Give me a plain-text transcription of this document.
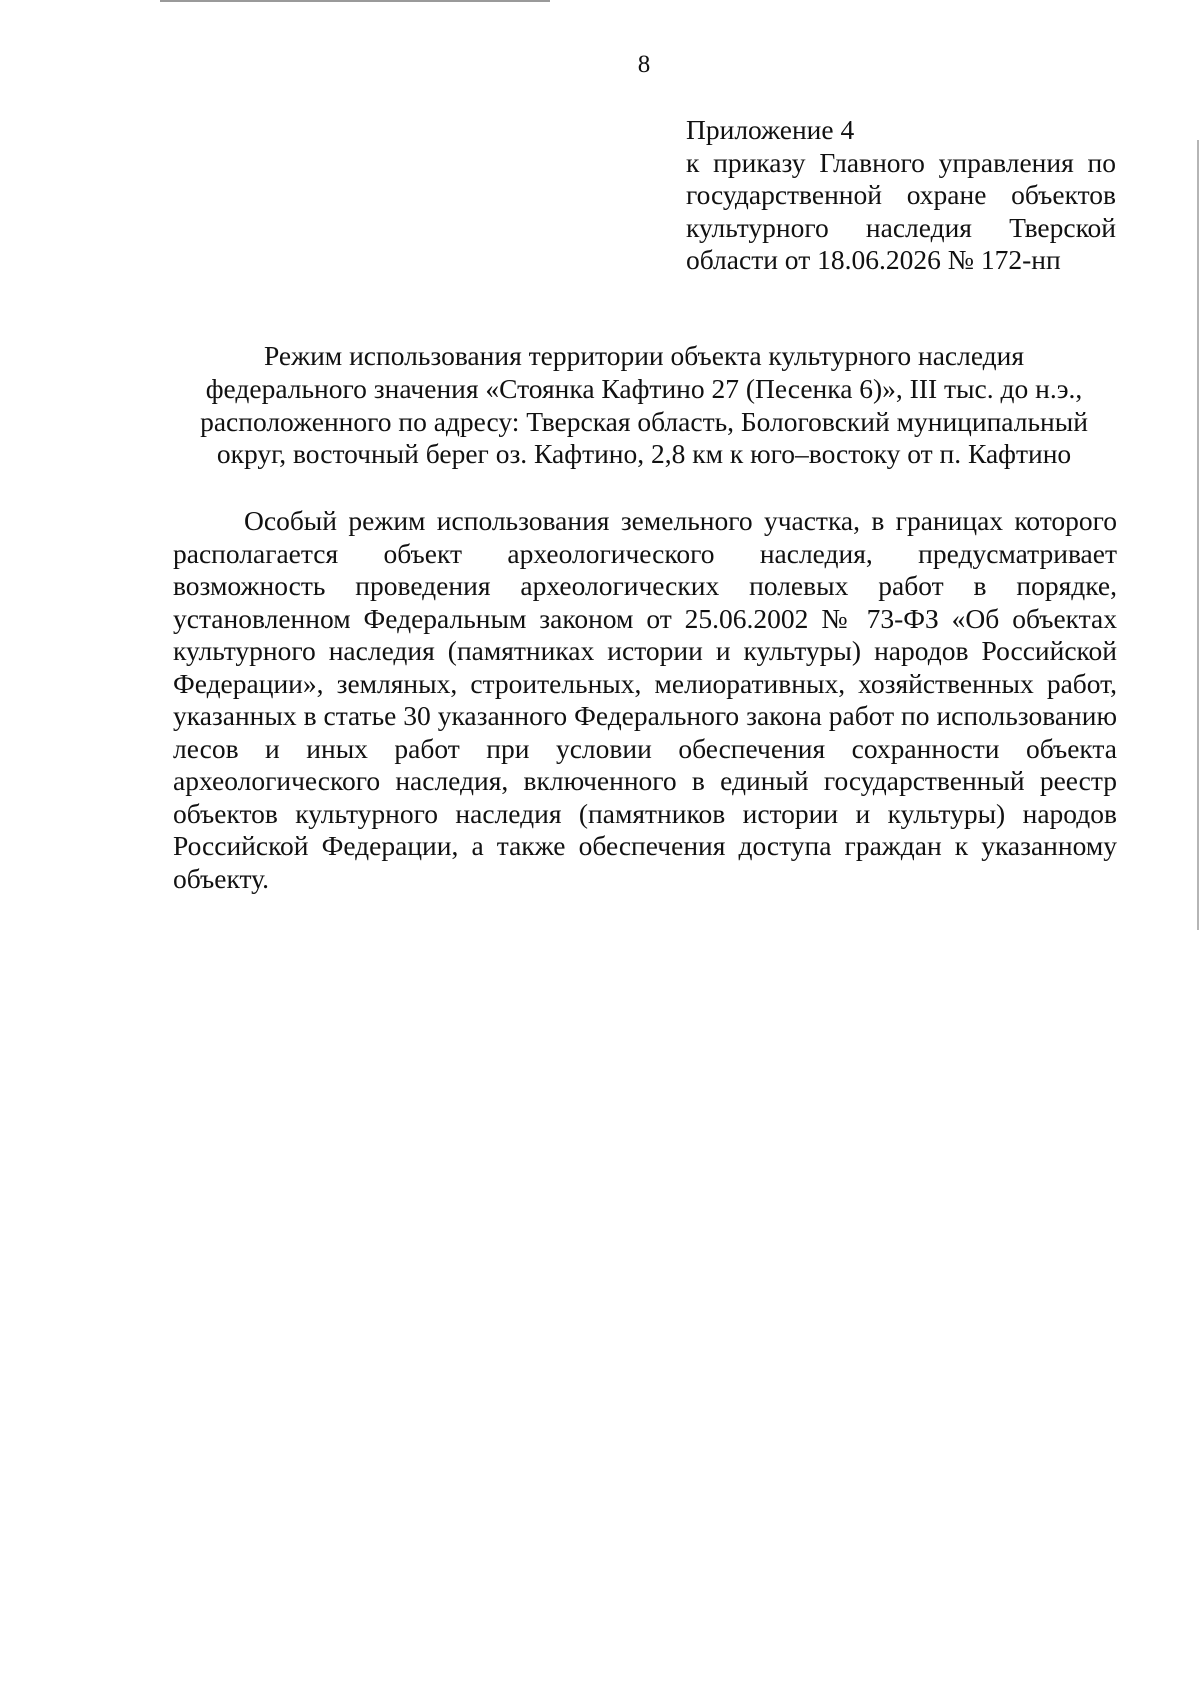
8
Приложение 4
к приказу Главного управления по государственной охране объектов культурного наследия Тверской области от 18.06.2026 № 172-нп
Режим использования территории объекта культурного наследия
федерального значения «Стоянка Кафтино 27 (Песенка 6)», III тыс. до н.э.,
расположенного по адресу: Тверская область, Бологовский муниципальный
округ, восточный берег оз. Кафтино, 2,8 км к юго–востоку от п. Кафтино

Особый режим использования земельного участка, в границах которого располагается объект археологического наследия, предусматривает возможность проведения археологических полевых работ в порядке, установленном Федеральным законом от 25.06.2002 № 73-ФЗ «Об объектах культурного наследия (памятниках истории и культуры) народов Российской Федерации», земляных, строительных, мелиоративных, хозяйственных работ, указанных в статье 30 указанного Федерального закона работ по использованию лесов и иных работ при условии обеспечения сохранности объекта археологического наследия, включенного в единый государственный реестр объектов культурного наследия (памятников истории и культуры) народов Российской Федерации, а также обеспечения доступа граждан к указанному объекту.
